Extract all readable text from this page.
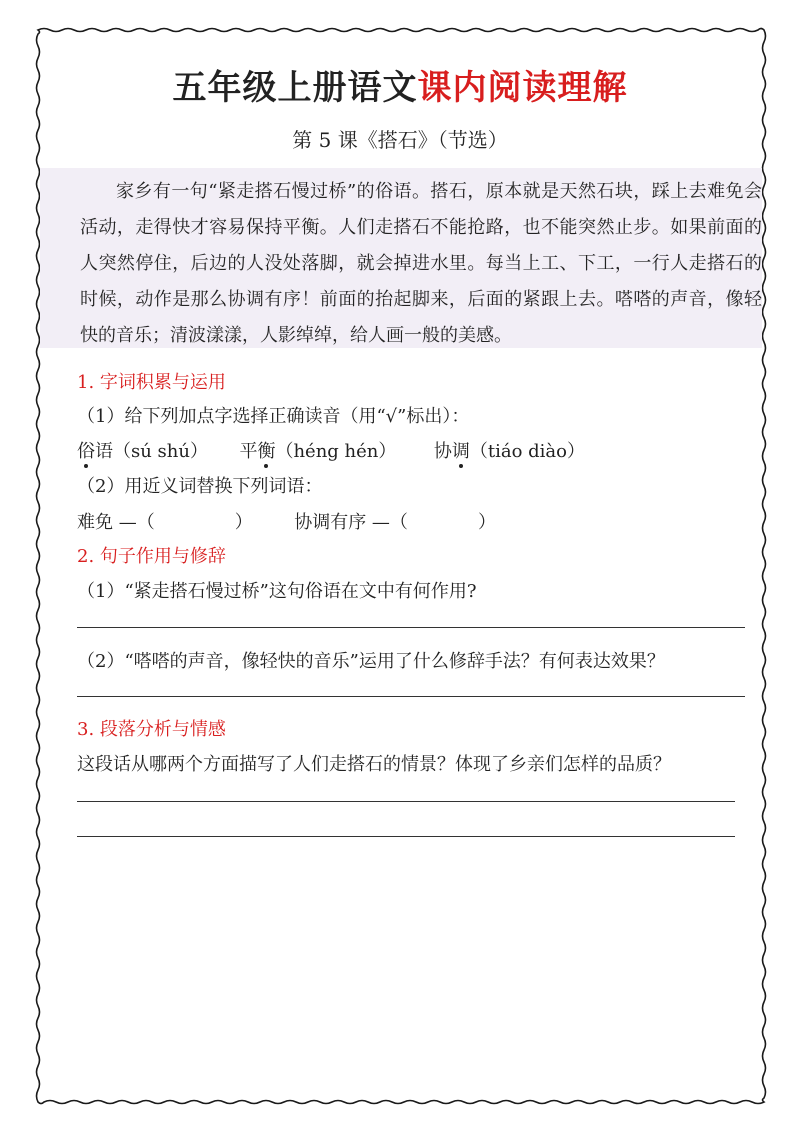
五年级上册语文课内阅读理解
第 5 课《搭石》（节选）
家乡有一句“紧走搭石慢过桥”的俗语。搭石，原本就是天然石块，踩上去难免会活动，走得快才容易保持平衡。人们走搭石不能抢路，也不能突然止步。如果前面的人突然停住，后边的人没处落脚，就会掉进水里。每当上工、下工，一行人走搭石的时候，动作是那么协调有序！前面的抬起脚来，后面的紧跟上去。嗒嗒的声音，像轻快的音乐；清波漾漾，人影绰绰，给人画一般的美感。
1. 字词积累与运用
（1）给下列加点字选择正确读音（用“√”标出）：
俗语（sú shú） 平衡（héng hén） 协调（tiáo diào）
（2）用近义词替换下列词语：
难免 —（	） 协调有序 —（	）
2. 句子作用与修辞
（1）“紧走搭石慢过桥”这句俗语在文中有何作用?
（2）“嗒嗒的声音，像轻快的音乐”运用了什么修辞手法？有何表达效果？
3. 段落分析与情感
这段话从哪两个方面描写了人们走搭石的情景？体现了乡亲们怎样的品质？
